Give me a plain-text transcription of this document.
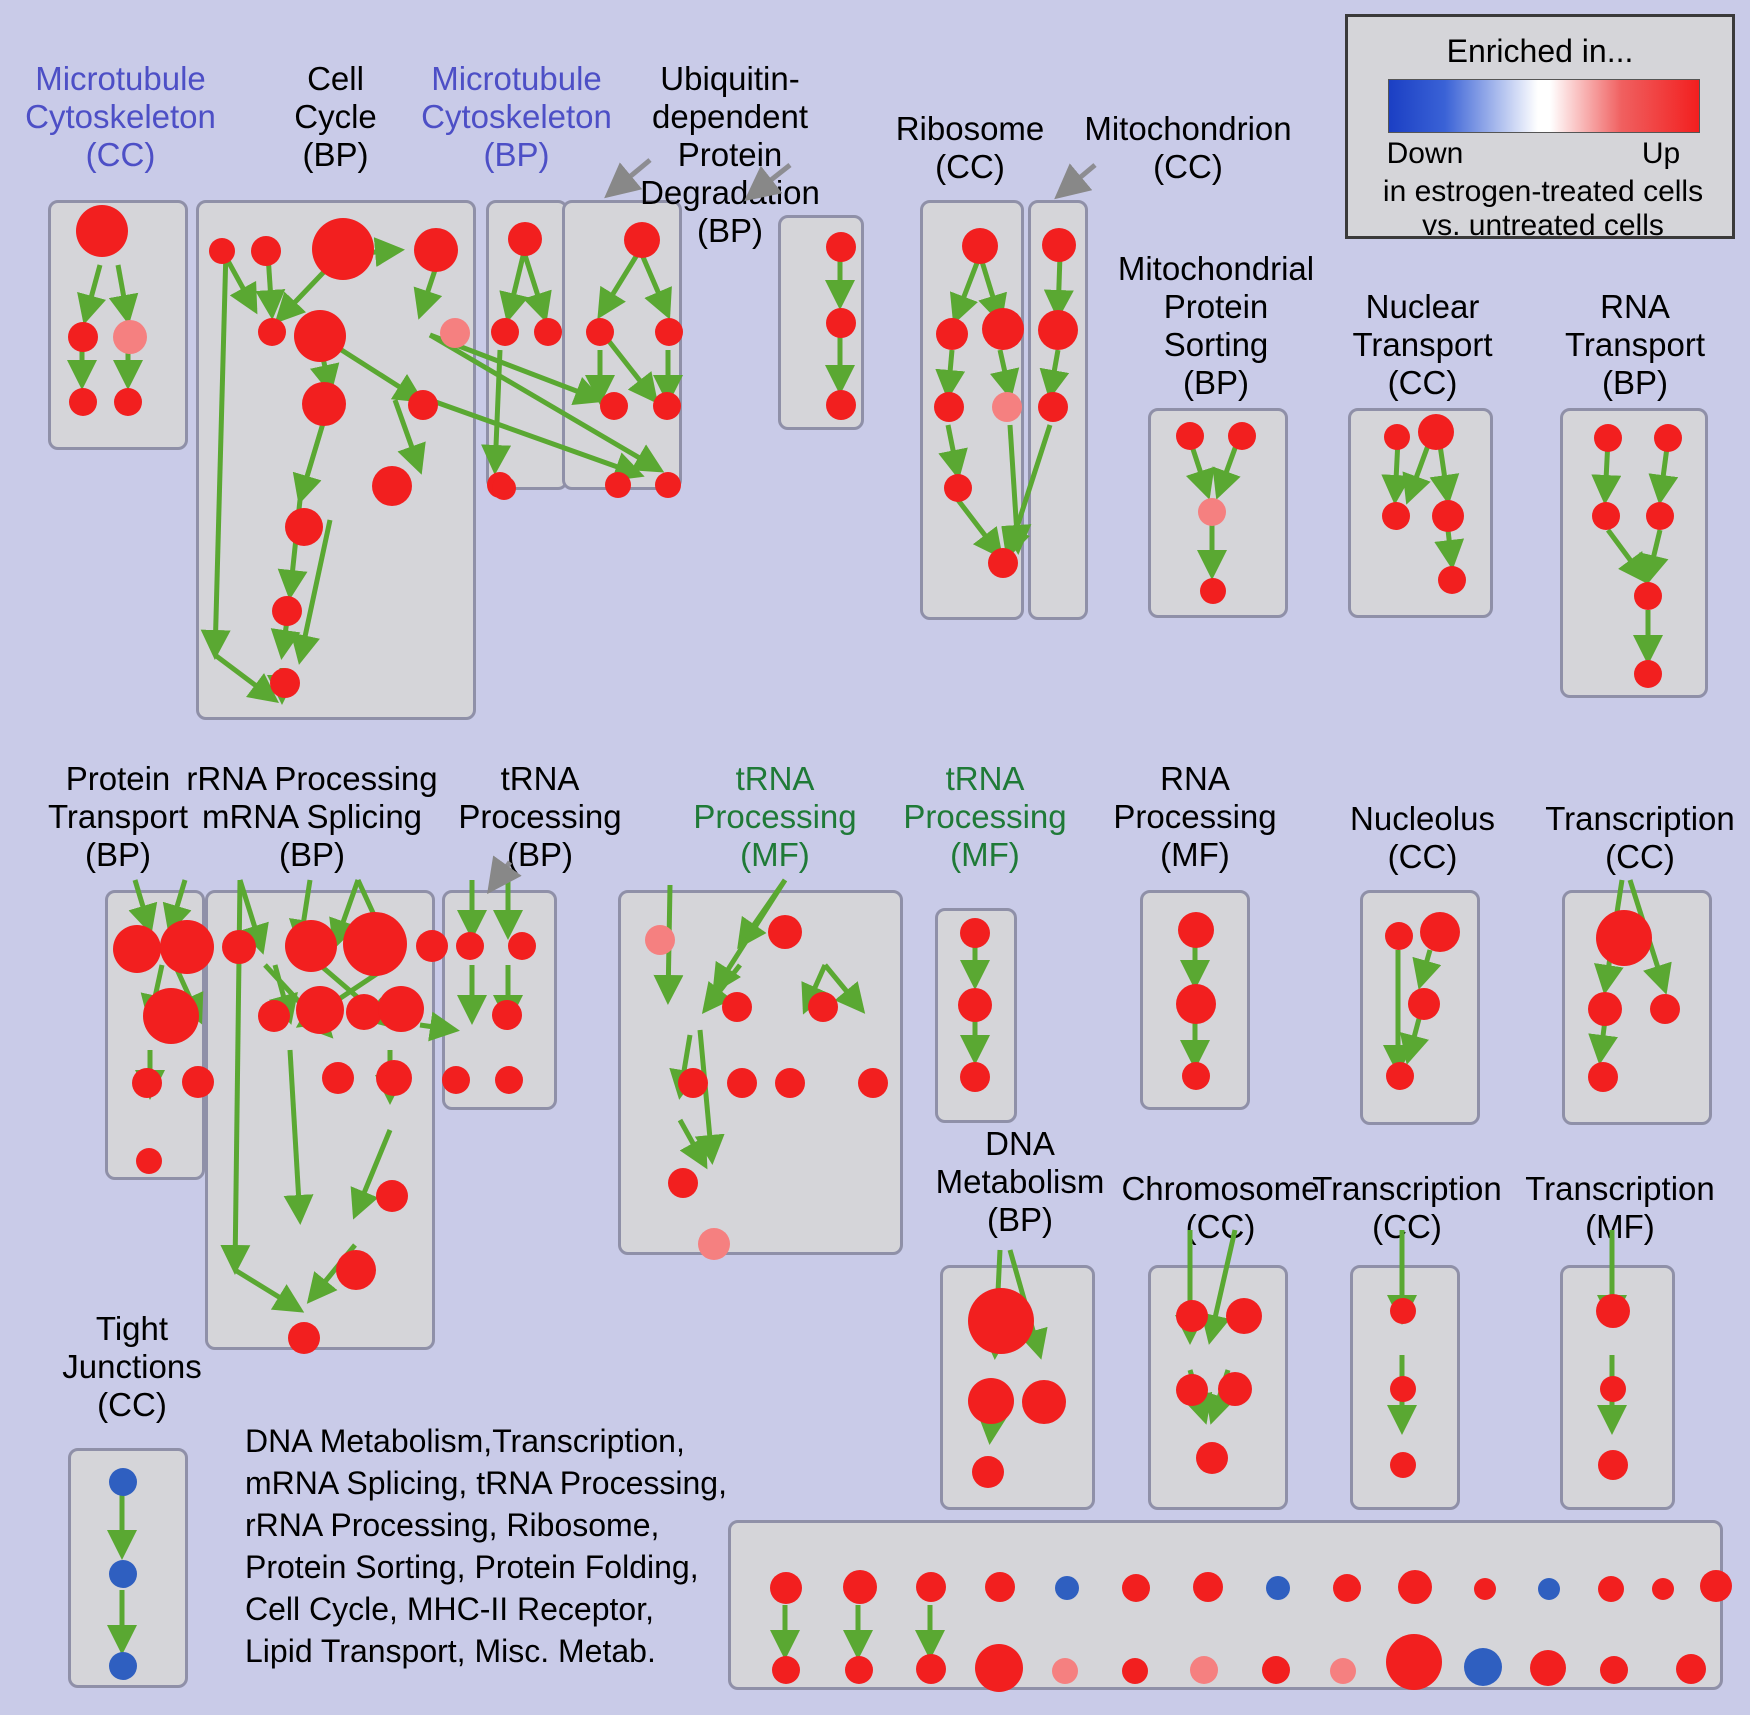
Enriched in...
Down	Up
in estrogen-treated cells
vs. untreated cells
Microtubule
Cytoskeleton
(CC)
Cell
Cycle
(BP)
Microtubule
Cytoskeleton
(BP)
Ubiquitin-
dependent
Protein
Degradation
(BP)
Ribosome
(CC)
Mitochondrion
(CC)
Mitochondrial
Protein
Sorting
(BP)
Nuclear
Transport
(CC)
RNA
Transport
(BP)
Protein
Transport
(BP)
rRNA Processing
mRNA Splicing
(BP)
tRNA
Processing
(BP)
tRNA
Processing
(MF)
tRNA
Processing
(MF)
RNA
Processing
(MF)
Nucleolus
(CC)
Transcription
(CC)
DNA
Metabolism
(BP)
Chromosome
(CC)
Transcription
(CC)
Transcription
(MF)
Tight
Junctions
(CC)
DNA Metabolism,Transcription,
mRNA Splicing, tRNA Processing,
rRNA Processing, Ribosome,
Protein Sorting, Protein Folding,
Cell Cycle, MHC-II Receptor,
Lipid Transport, Misc. Metab.
